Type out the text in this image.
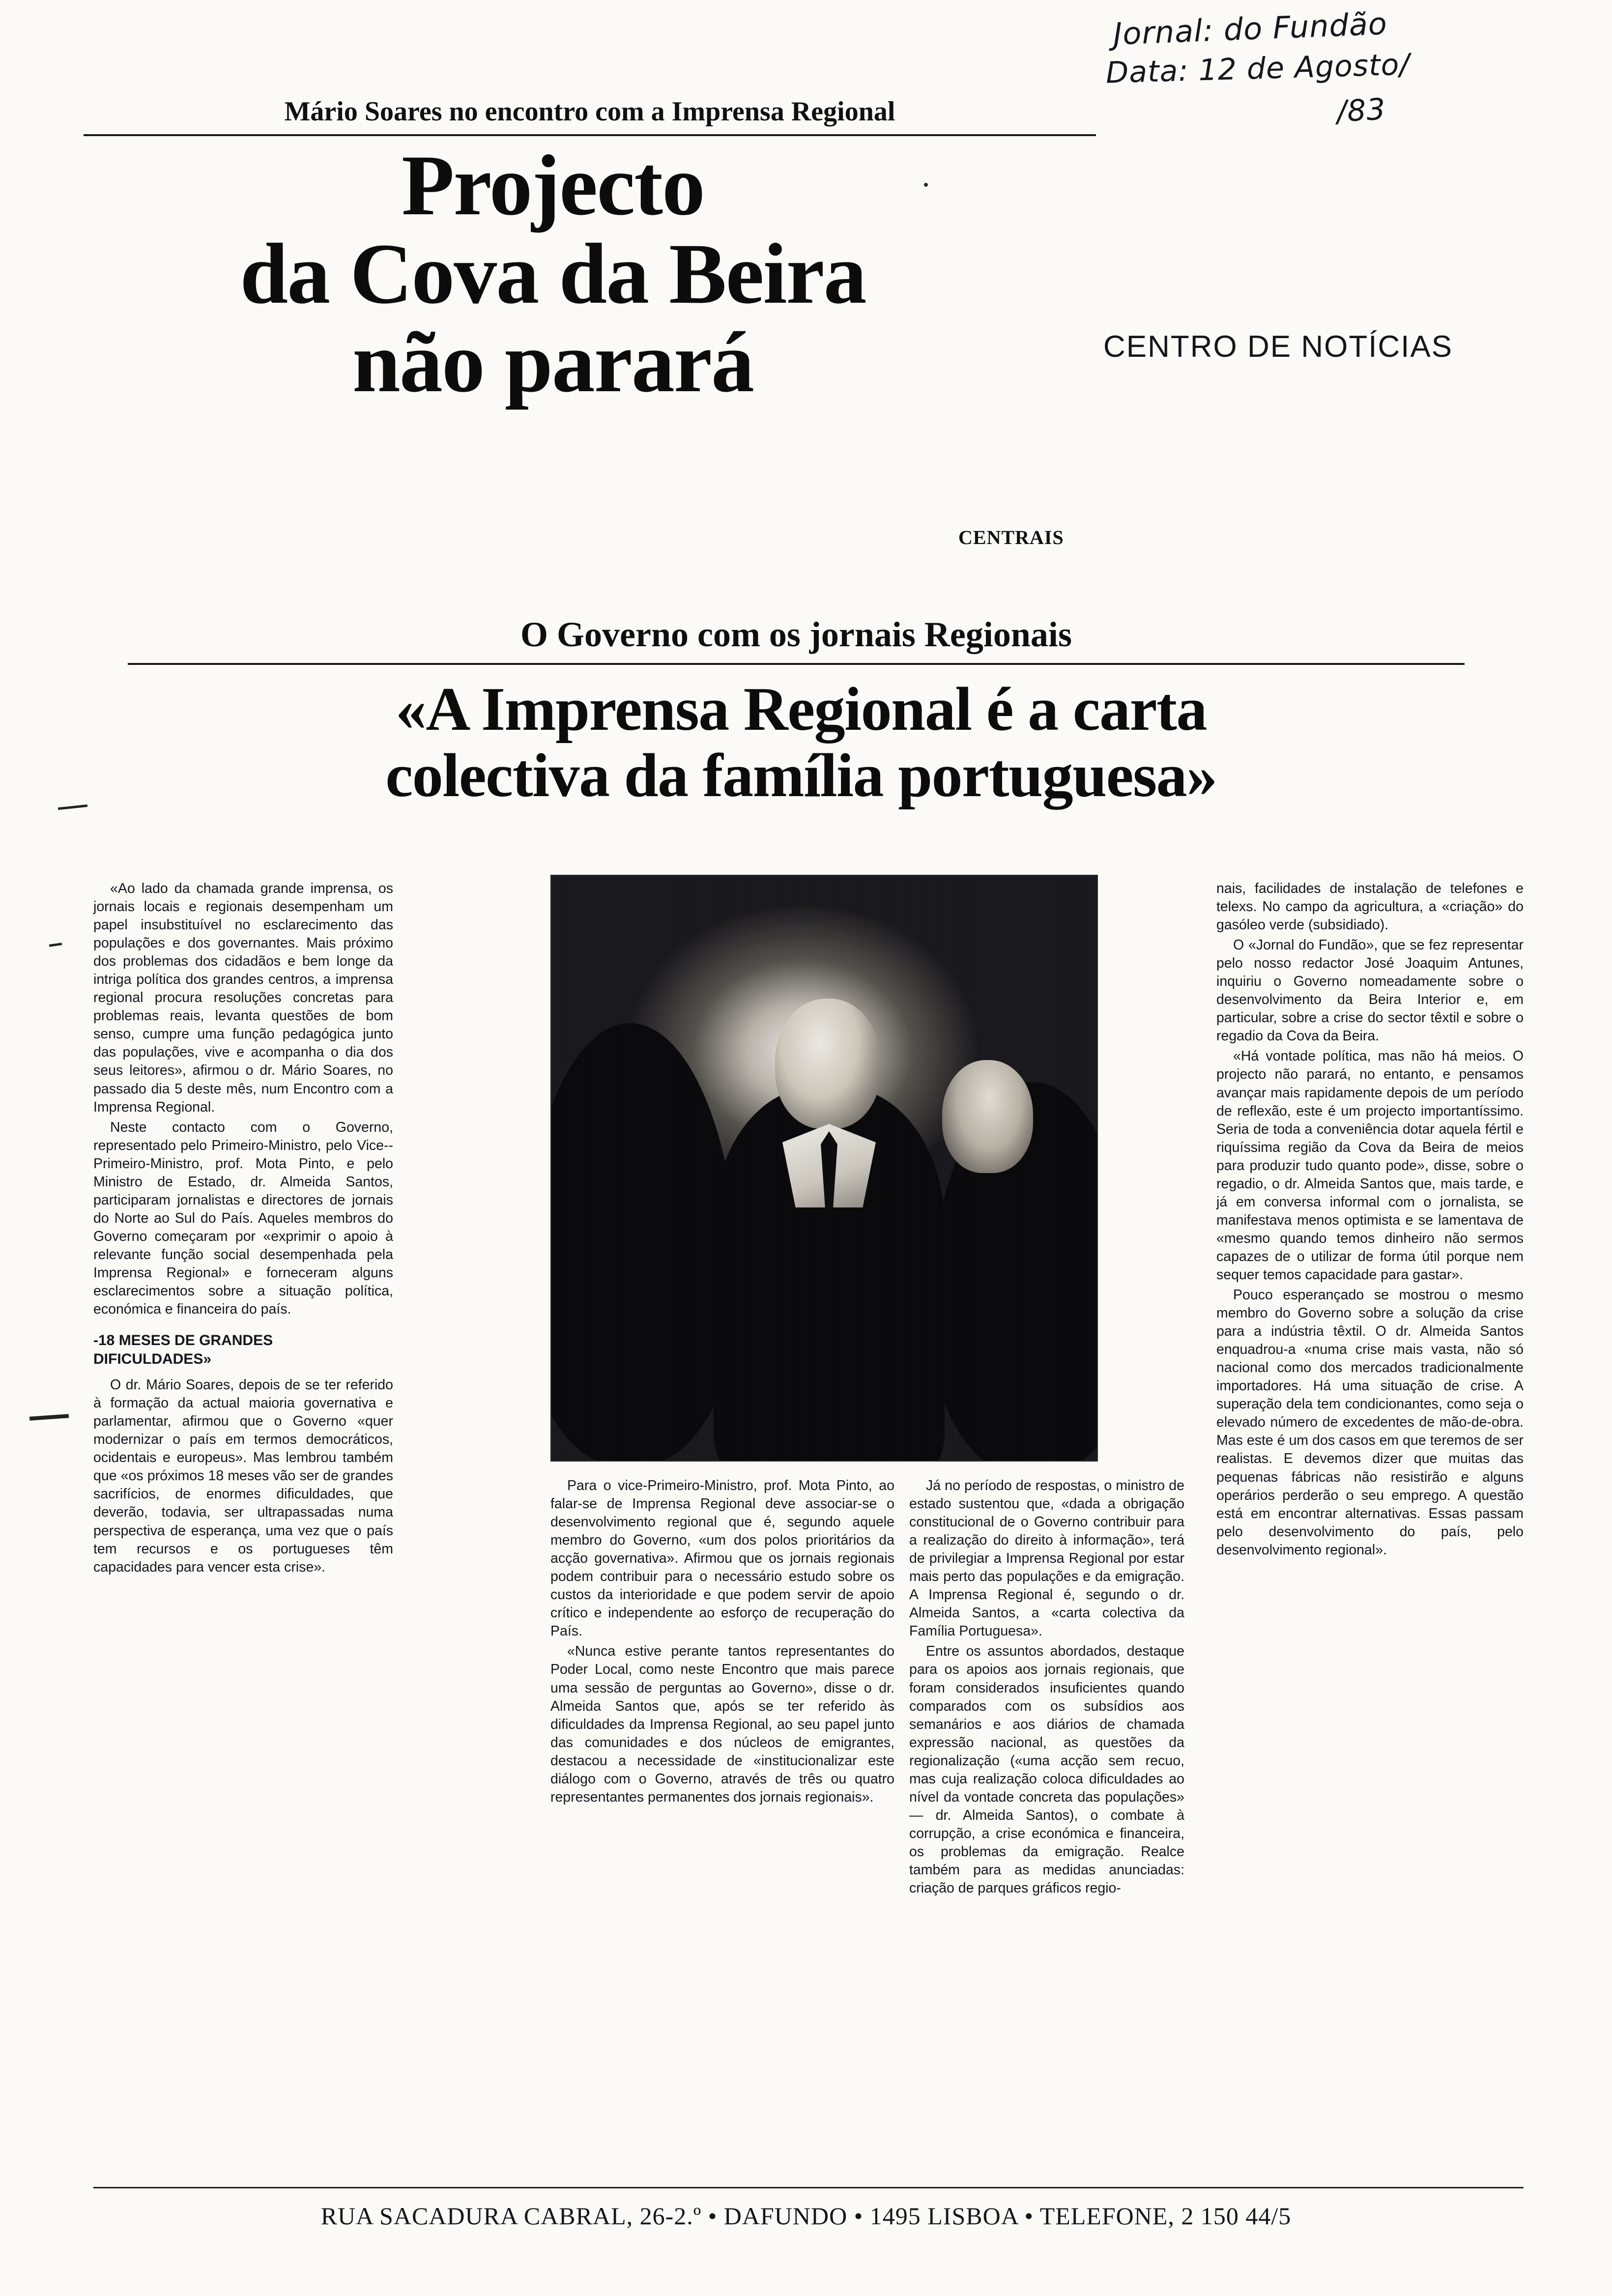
Jornal: do Fundão
Data: 12 de Agosto/
/83
Mário Soares no encontro com a Imprensa Regional
Projecto
da Cova da Beira
não parará	CENTRO DE NOTÍCIAS
CENTRAIS
O Governo com os jornais Regionais
«A Imprensa Regional é a carta
colectiva da família portuguesa»

«Ao lado da chamada grande imprensa, os jornais locais e regionais desempenham um papel insubstituível no esclarecimento das populações e dos governantes. Mais próximo dos problemas dos cidadãos e bem longe da intriga política dos grandes centros, a imprensa regional procura resoluções concretas para problemas reais, levanta questões de bom senso, cumpre uma função pedagógica junto das populações, vive e acompanha o dia dos seus leitores», afirmou o dr. Mário Soares, no passado dia 5 deste mês, num Encontro com a Imprensa Regional.

Neste contacto com o Governo, representado pelo Primeiro-Ministro, pelo Vice--Primeiro-Ministro, prof. Mota Pinto, e pelo Ministro de Estado, dr. Almeida Santos, participaram jornalistas e directores de jornais do Norte ao Sul do País. Aqueles membros do Governo começaram por «exprimir o apoio à relevante função social desempenhada pela Imprensa Regional» e forneceram alguns esclarecimentos sobre a situação política, económica e financeira do país.

-18 MESES DE GRANDES DIFICULDADES»

O dr. Mário Soares, depois de se ter referido à formação da actual maioria governativa e parlamentar, afirmou que o Governo «quer modernizar o país em termos democráticos, ocidentais e europeus». Mas lembrou também que «os próximos 18 meses vão ser de grandes sacrifícios, de enormes dificuldades, que deverão, todavia, ser ultrapassadas numa perspectiva de esperança, uma vez que o país tem recursos e os portugueses têm capacidades para vencer esta crise».

Para o vice-Primeiro-Ministro, prof. Mota Pinto, ao falar-se de Imprensa Regional deve associar-se o desenvolvimento regional que é, segundo aquele membro do Governo, «um dos polos prioritários da acção governativa». Afirmou que os jornais regionais podem contribuir para o necessário estudo sobre os custos da interioridade e que podem servir de apoio crítico e independente ao esforço de recuperação do País.

«Nunca estive perante tantos representantes do Poder Local, como neste Encontro que mais parece uma sessão de perguntas ao Governo», disse o dr. Almeida Santos que, após se ter referido às dificuldades da Imprensa Regional, ao seu papel junto das comunidades e dos núcleos de emigrantes, destacou a necessidade de «institucionalizar este diálogo com o Governo, através de três ou quatro representantes permanentes dos jornais regionais».

Já no período de respostas, o ministro de estado sustentou que, «dada a obrigação constitucional de o Governo contribuir para a realização do direito à informação», terá de privilegiar a Imprensa Regional por estar mais perto das populações e da emigração. A Imprensa Regional é, segundo o dr. Almeida Santos, a «carta colectiva da Família Portuguesa».

Entre os assuntos abordados, destaque para os apoios aos jornais regionais, que foram considerados insuficientes quando comparados com os subsídios aos semanários e aos diários de chamada expressão nacional, as questões da regionalização («uma acção sem recuo, mas cuja realização coloca dificuldades ao nível da vontade concreta das populações» — dr. Almeida Santos), o combate à corrupção, a crise económica e financeira, os problemas da emigração. Realce também para as medidas anunciadas: criação de parques gráficos regio-

nais, facilidades de instalação de telefones e telexs. No campo da agricultura, a «criação» do gasóleo verde (subsidiado).

O «Jornal do Fundão», que se fez representar pelo nosso redactor José Joaquim Antunes, inquiriu o Governo nomeadamente sobre o desenvolvimento da Beira Interior e, em particular, sobre a crise do sector têxtil e sobre o regadio da Cova da Beira.

«Há vontade política, mas não há meios. O projecto não parará, no entanto, e pensamos avançar mais rapidamente depois de um período de reflexão, este é um projecto importantíssimo. Seria de toda a conveniência dotar aquela fértil e riquíssima região da Cova da Beira de meios para produzir tudo quanto pode», disse, sobre o regadio, o dr. Almeida Santos que, mais tarde, e já em conversa informal com o jornalista, se manifestava menos optimista e se lamentava de «mesmo quando temos dinheiro não sermos capazes de o utilizar de forma útil porque nem sequer temos capacidade para gastar».

Pouco esperançado se mostrou o mesmo membro do Governo sobre a solução da crise para a indústria têxtil. O dr. Almeida Santos enquadrou-a «numa crise mais vasta, não só nacional como dos mercados tradicionalmente importadores. Há uma situação de crise. A superação dela tem condicionantes, como seja o elevado número de excedentes de mão-de-obra. Mas este é um dos casos em que teremos de ser realistas. E devemos dizer que muitas das pequenas fábricas não resistirão e alguns operários perderão o seu emprego. A questão está em encontrar alternativas. Essas passam pelo desenvolvimento do país, pelo desenvolvimento regional».

RUA SACADURA CABRAL, 26-2.º • DAFUNDO • 1495 LISBOA • TELEFONE, 2 150 44/5
